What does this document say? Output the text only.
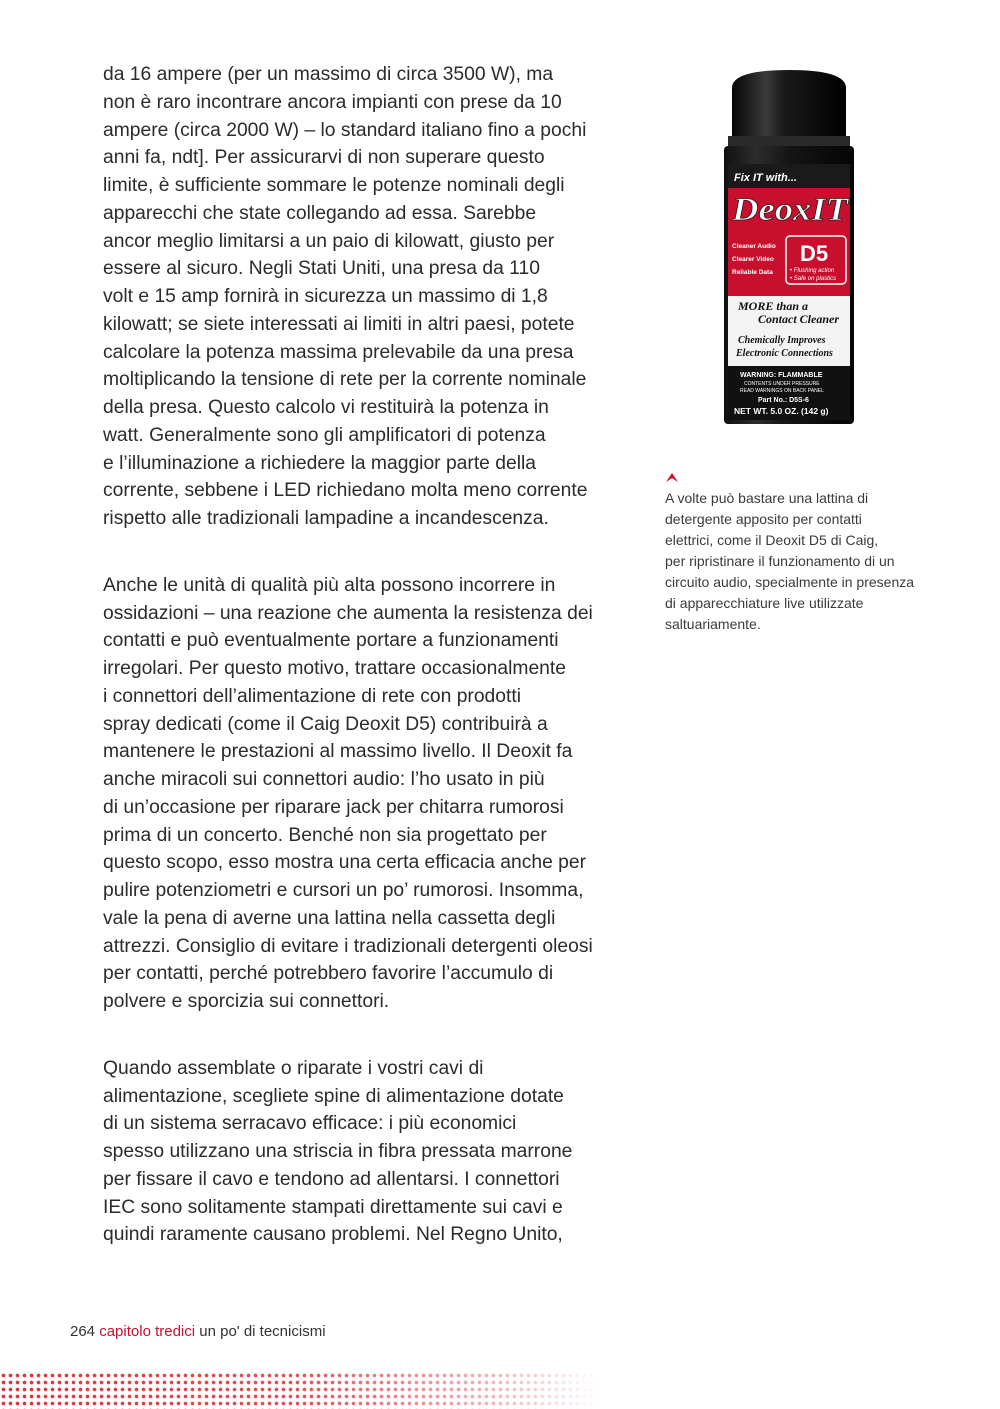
da 16 ampere (per un massimo di circa 3500 W), ma
non è raro incontrare ancora impianti con prese da 10
ampere (circa 2000 W) – lo standard italiano fino a pochi
anni fa, ndt]. Per assicurarvi di non superare questo
limite, è sufficiente sommare le potenze nominali degli
apparecchi che state collegando ad essa. Sarebbe
ancor meglio limitarsi a un paio di kilowatt, giusto per
essere al sicuro. Negli Stati Uniti, una presa da 110
volt e 15 amp fornirà in sicurezza un massimo di 1,8
kilowatt; se siete interessati ai limiti in altri paesi, potete
calcolare la potenza massima prelevabile da una presa
moltiplicando la tensione di rete per la corrente nominale
della presa. Questo calcolo vi restituirà la potenza in
watt. Generalmente sono gli amplificatori di potenza
e l’illuminazione a richiedere la maggior parte della
corrente, sebbene i LED richiedano molta meno corrente
rispetto alle tradizionali lampadine a incandescenza.

Anche le unità di qualità più alta possono incorrere in
ossidazioni – una reazione che aumenta la resistenza dei
contatti e può eventualmente portare a funzionamenti
irregolari. Per questo motivo, trattare occasionalmente
i connettori dell’alimentazione di rete con prodotti
spray dedicati (come il Caig Deoxit D5) contribuirà a
mantenere le prestazioni al massimo livello. Il Deoxit fa
anche miracoli sui connettori audio: l’ho usato in più
di un’occasione per riparare jack per chitarra rumorosi
prima di un concerto. Benché non sia progettato per
questo scopo, esso mostra una certa efficacia anche per
pulire potenziometri e cursori un po’ rumorosi. Insomma,
vale la pena di averne una lattina nella cassetta degli
attrezzi. Consiglio di evitare i tradizionali detergenti oleosi
per contatti, perché potrebbero favorire l’accumulo di
polvere e sporcizia sui connettori.

Quando assemblate o riparate i vostri cavi di
alimentazione, scegliete spine di alimentazione dotate
di un sistema serracavo efficace: i più economici
spesso utilizzano una striscia in fibra pressata marrone
per fissare il cavo e tendono ad allentarsi. I connettori
IEC sono solitamente stampati direttamente sui cavi e
quindi raramente causano problemi. Nel Regno Unito,

Fix IT with...
DeoxIT
Cleaner Audio
Clearer Video
Reliable Data
D5
• Flushing action
• Safe on plastics
MORE than a
Contact Cleaner
Chemically Improves
Electronic Connections
WARNING: FLAMMABLE
CONTENTS UNDER PRESSURE
READ WARNINGS ON BACK PANEL
Part No.: D5S-6
NET WT. 5.0 OZ. (142 g)
A volte può bastare una lattina di
detergente apposito per contatti
elettrici, come il Deoxit D5 di Caig,
per ripristinare il funzionamento di un
circuito audio, specialmente in presenza
di apparecchiature live utilizzate
saltuariamente.
264 capitolo tredici un po' di tecnicismi
